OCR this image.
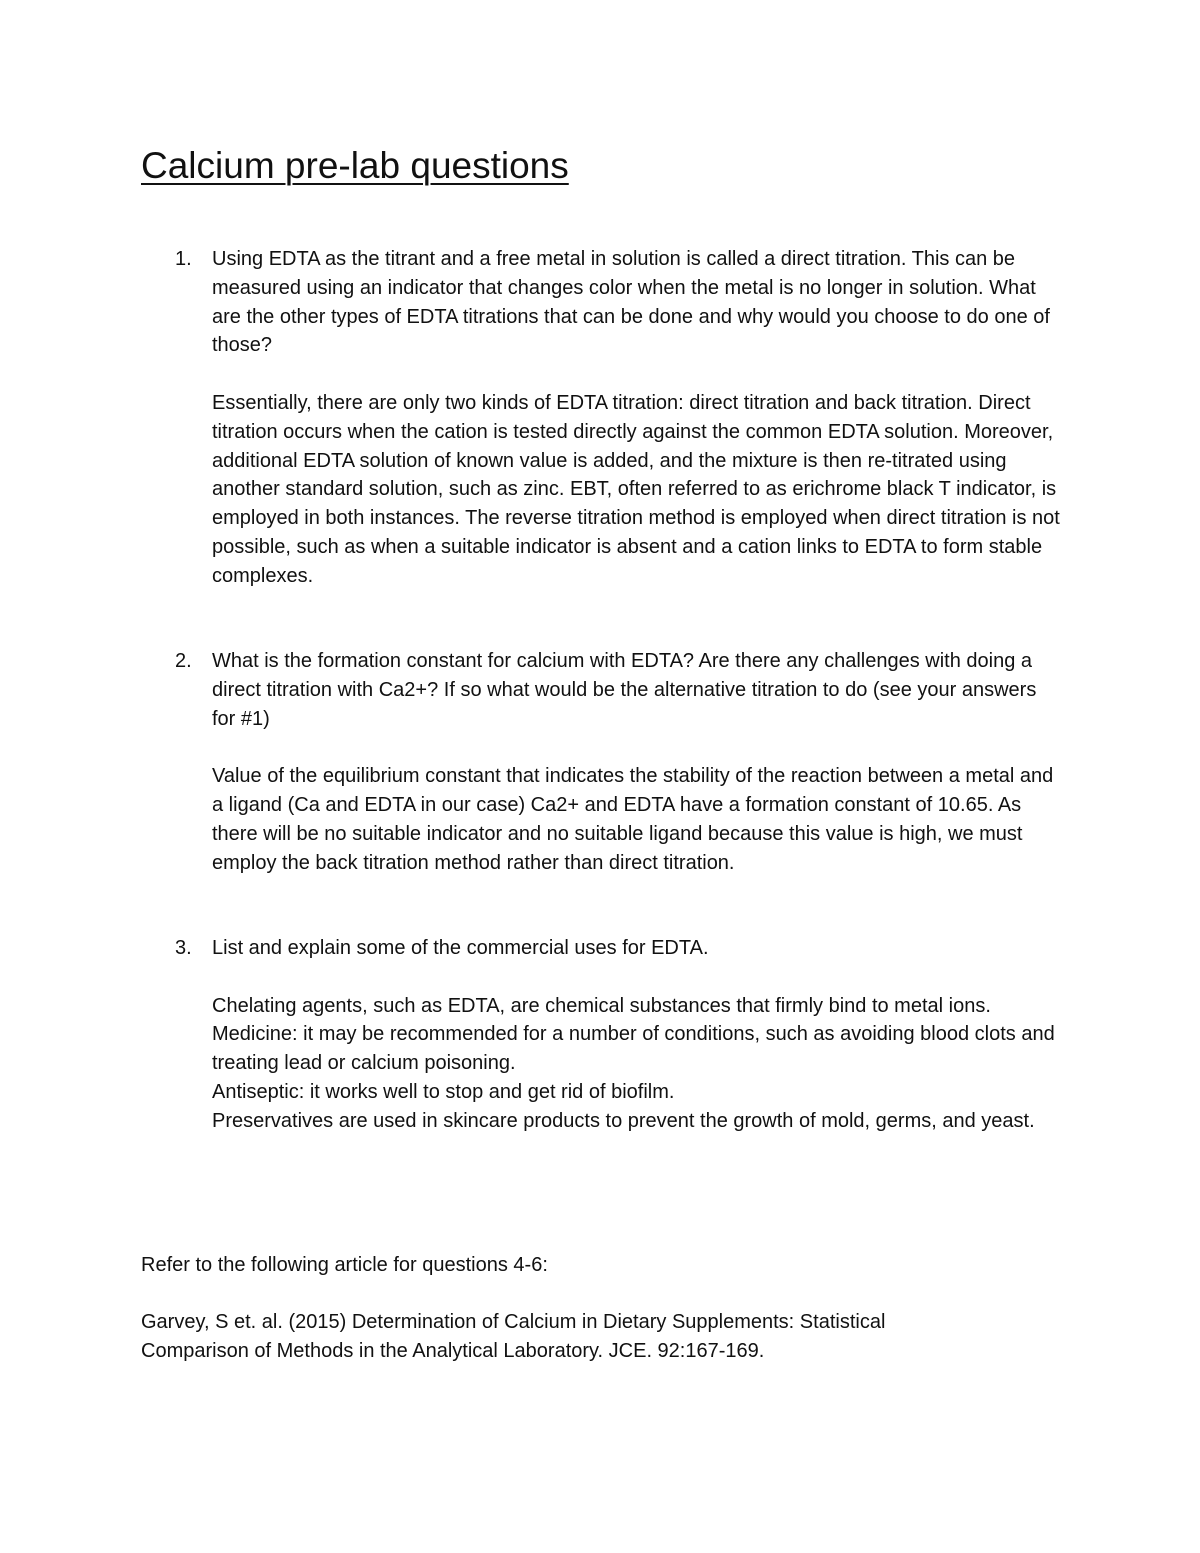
Calcium pre-lab questions
1.	Using EDTA as the titrant and a free metal in solution is called a direct titration. This can be measured using an indicator that changes color when the metal is no longer in solution. What are the other types of EDTA titrations that can be done and why would you choose to do one of those?

Essentially, there are only two kinds of EDTA titration: direct titration and back titration. Direct titration occurs when the cation is tested directly against the common EDTA solution. Moreover, additional EDTA solution of known value is added, and the mixture is then re-titrated using another standard solution, such as zinc. EBT, often referred to as erichrome black T indicator, is employed in both instances. The reverse titration method is employed when direct titration is not possible, such as when a suitable indicator is absent and a cation links to EDTA to form stable complexes.

2.	What is the formation constant for calcium with EDTA? Are there any challenges with doing a direct titration with Ca2+? If so what would be the alternative titration to do (see your answers for #1)

Value of the equilibrium constant that indicates the stability of the reaction between a metal and a ligand (Ca and EDTA in our case) Ca2+ and EDTA have a formation constant of 10.65. As there will be no suitable indicator and no suitable ligand because this value is high, we must employ the back titration method rather than direct titration.

3.	List and explain some of the commercial uses for EDTA.

Chelating agents, such as EDTA, are chemical substances that firmly bind to metal ions.
Medicine: it may be recommended for a number of conditions, such as avoiding blood clots and treating lead or calcium poisoning.
Antiseptic: it works well to stop and get rid of biofilm.
Preservatives are used in skincare products to prevent the growth of mold, germs, and yeast.

Refer to the following article for questions 4-6:

Garvey, S et. al. (2015) Determination of Calcium in Dietary Supplements: Statistical Comparison of Methods in the Analytical Laboratory. JCE. 92:167-169.
